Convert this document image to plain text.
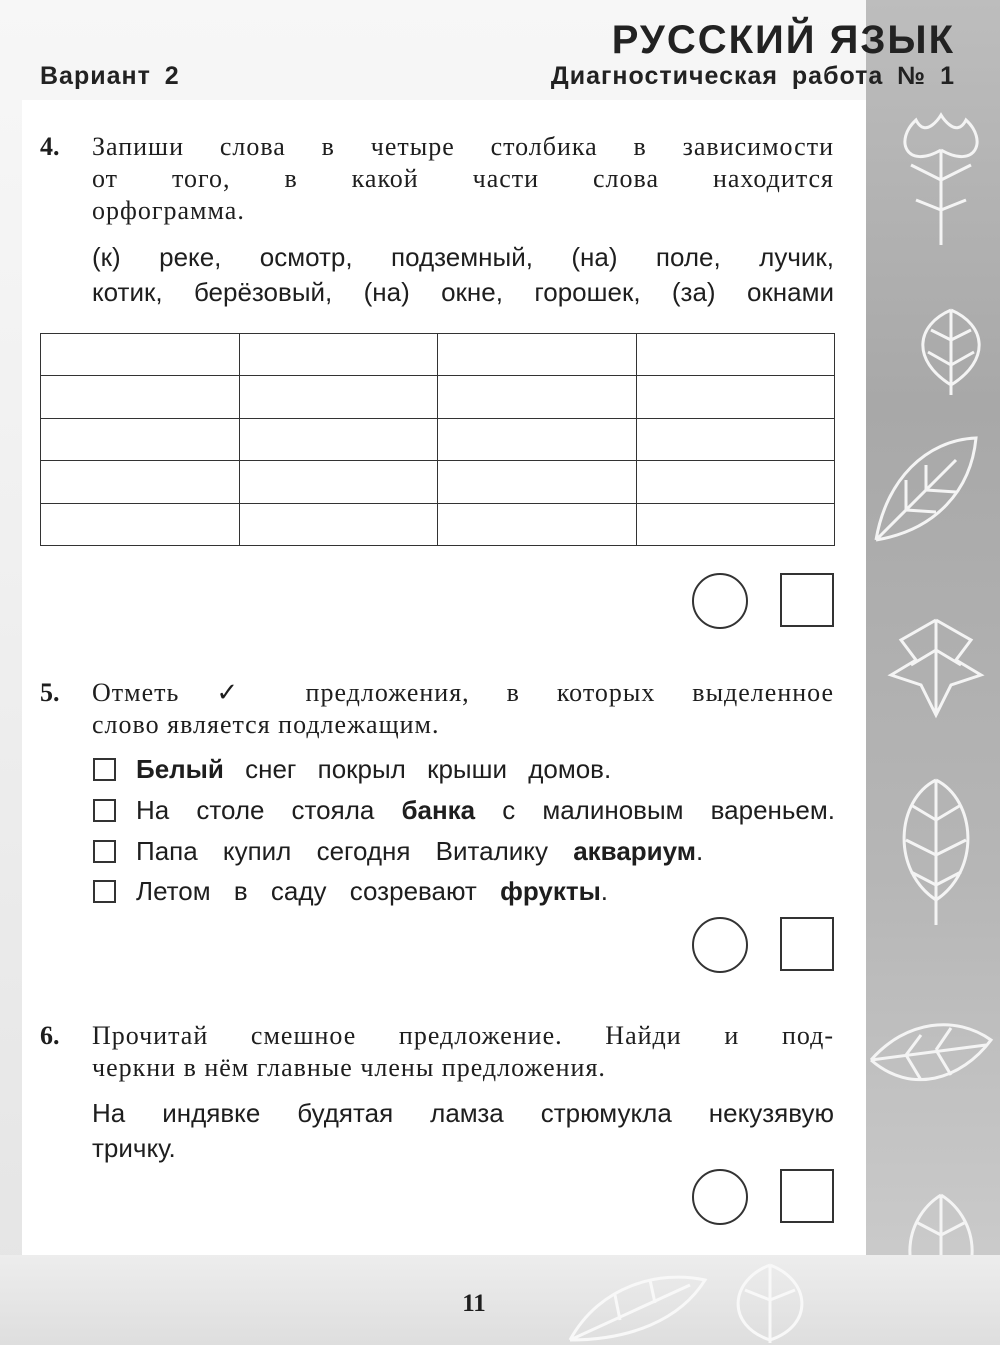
РУССКИЙ ЯЗЫК
Вариант 2	Диагностическая работа № 1
4. Запиши слова в четыре столбика в зависимости
от того, в какой части слова находится
орфограмма.
(к) реке, осмотр, подземный, (на) поле, лучик,
котик, берёзовый, (на) окне, горошек, (за) окнами

5. Отметь ✓ предложения, в которых выделенное
слово является подлежащим.
Белый снег покрыл крыши домов.
На столе стояла банка с малиновым вареньем.
Папа купил сегодня Виталику аквариум.
Летом в саду созревают фрукты.
6. Прочитай смешное предложение. Найди и под-
черкни в нём главные члены предложения.
На индявке будятая ламза стрюмукла некузявую
тричку.
11
